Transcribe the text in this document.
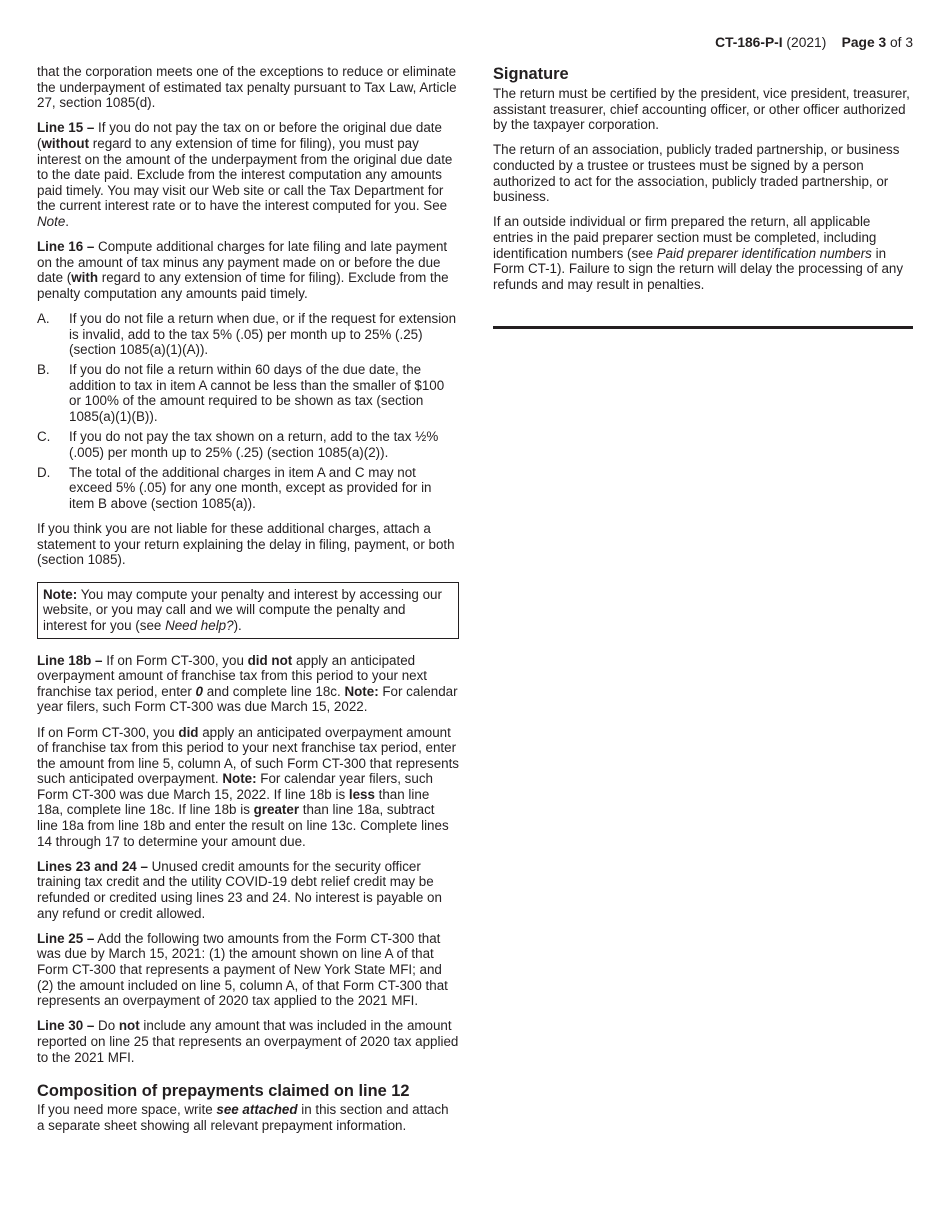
CT-186-P-I (2021) Page 3 of 3

that the corporation meets one of the exceptions to reduce or eliminate the underpayment of estimated tax penalty pursuant to Tax Law, Article 27, section 1085(d).

Line 15 – If you do not pay the tax on or before the original due date (without regard to any extension of time for filing), you must pay interest on the amount of the underpayment from the original due date to the date paid. Exclude from the interest computation any amounts paid timely. You may visit our Web site or call the Tax Department for the current interest rate or to have the interest computed for you. See Note.

Line 16 – Compute additional charges for late filing and late payment on the amount of tax minus any payment made on or before the due date (with regard to any extension of time for filing). Exclude from the penalty computation any amounts paid timely.

A.	If you do not file a return when due, or if the request for extension is invalid, add to the tax 5% (.05) per month up to 25% (.25) (section 1085(a)(1)(A)).
B.	If you do not file a return within 60 days of the due date, the addition to tax in item A cannot be less than the smaller of $100 or 100% of the amount required to be shown as tax (section 1085(a)(1)(B)).
C.	If you do not pay the tax shown on a return, add to the tax ½% (.005) per month up to 25% (.25) (section 1085(a)(2)).
D.	The total of the additional charges in item A and C may not exceed 5% (.05) for any one month, except as provided for in item B above (section 1085(a)).

If you think you are not liable for these additional charges, attach a statement to your return explaining the delay in filing, payment, or both (section 1085).

Note: You may compute your penalty and interest by accessing our website, or you may call and we will compute the penalty and interest for you (see Need help?).

Line 18b – If on Form CT-300, you did not apply an anticipated overpayment amount of franchise tax from this period to your next franchise tax period, enter 0 and complete line 18c. Note: For calendar year filers, such Form CT-300 was due March 15, 2022.

If on Form CT-300, you did apply an anticipated overpayment amount of franchise tax from this period to your next franchise tax period, enter the amount from line 5, column A, of such Form CT-300 that represents such anticipated overpayment. Note: For calendar year filers, such Form CT-300 was due March 15, 2022. If line 18b is less than line 18a, complete line 18c. If line 18b is greater than line 18a, subtract line 18a from line 18b and enter the result on line 13c. Complete lines 14 through 17 to determine your amount due.

Lines 23 and 24 – Unused credit amounts for the security officer training tax credit and the utility COVID-19 debt relief credit may be refunded or credited using lines 23 and 24. No interest is payable on any refund or credit allowed.

Line 25 – Add the following two amounts from the Form CT-300 that was due by March 15, 2021: (1) the amount shown on line A of that Form CT-300 that represents a payment of New York State MFI; and (2) the amount included on line 5, column A, of that Form CT-300 that represents an overpayment of 2020 tax applied to the 2021 MFI.

Line 30 – Do not include any amount that was included in the amount reported on line 25 that represents an overpayment of 2020 tax applied to the 2021 MFI.

Composition of prepayments claimed on line 12

If you need more space, write see attached in this section and attach a separate sheet showing all relevant prepayment information.

Signature

The return must be certified by the president, vice president, treasurer, assistant treasurer, chief accounting officer, or other officer authorized by the taxpayer corporation.

The return of an association, publicly traded partnership, or business conducted by a trustee or trustees must be signed by a person authorized to act for the association, publicly traded partnership, or business.

If an outside individual or firm prepared the return, all applicable entries in the paid preparer section must be completed, including identification numbers (see Paid preparer identification numbers in Form CT-1). Failure to sign the return will delay the processing of any refunds and may result in penalties.
